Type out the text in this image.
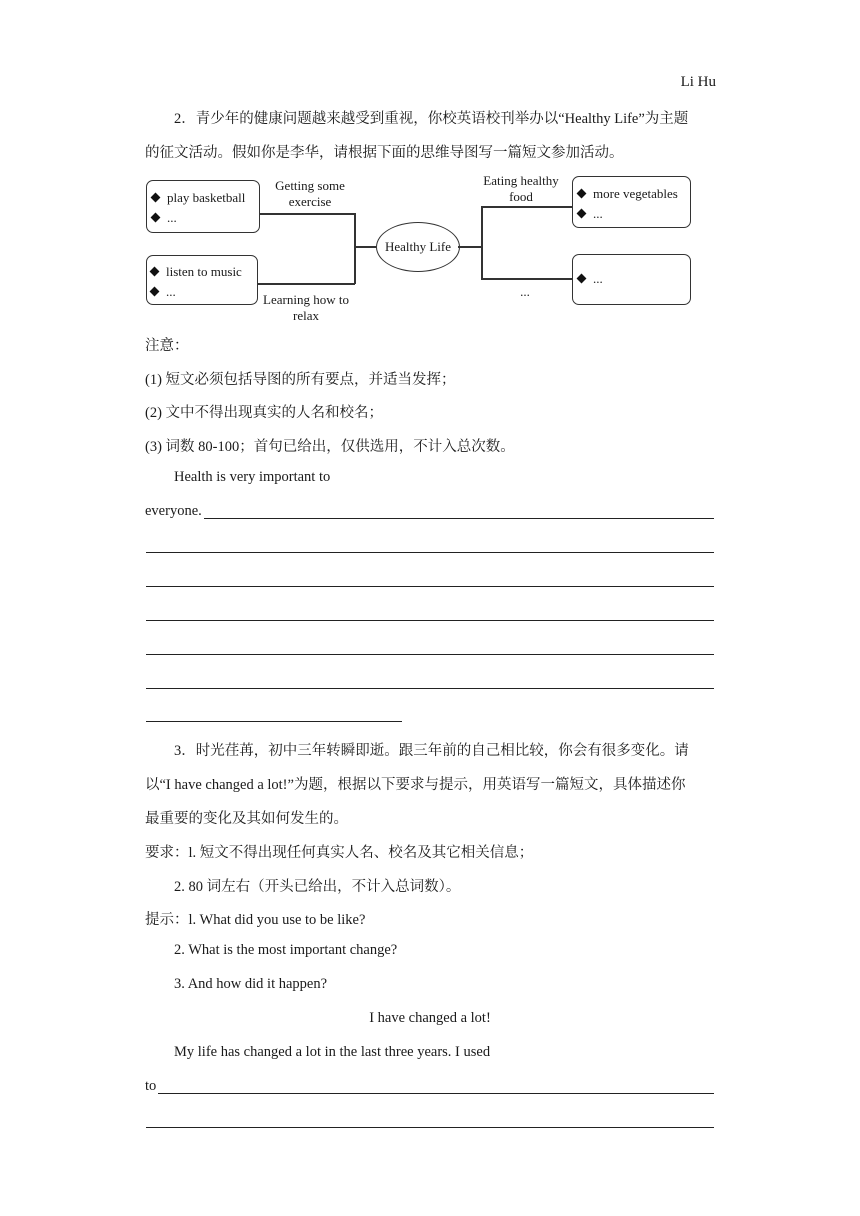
Li Hu
2．青少年的健康问题越来越受到重视，你校英语校刊举办以“Healthy Life”为主题
的征文活动。假如你是李华，请根据下面的思维导图写一篇短文参加活动。
play basketball
...
listen to music
...
more vegetables
...
...
Healthy Life
Getting some
exercise
Learning how to
relax
Eating healthy
food
...
注意：
(1) 短文必须包括导图的所有要点，并适当发挥；
(2) 文中不得出现真实的人名和校名；
(3) 词数 80-100；首句已给出，仅供选用，不计入总次数。
Health is very important to
everyone.
3．时光荏苒，初中三年转瞬即逝。跟三年前的自己相比较，你会有很多变化。请
以“I have changed a lot!”为题，根据以下要求与提示，用英语写一篇短文，具体描述你
最重要的变化及其如何发生的。
要求：l. 短文不得出现任何真实人名、校名及其它相关信息；
2. 80 词左右（开头已给出，不计入总词数）。
提示：l. What did you use to be like?
2. What is the most important change?
3. And how did it happen?
I have changed a lot!
My life has changed a lot in the last three years. I used
to
